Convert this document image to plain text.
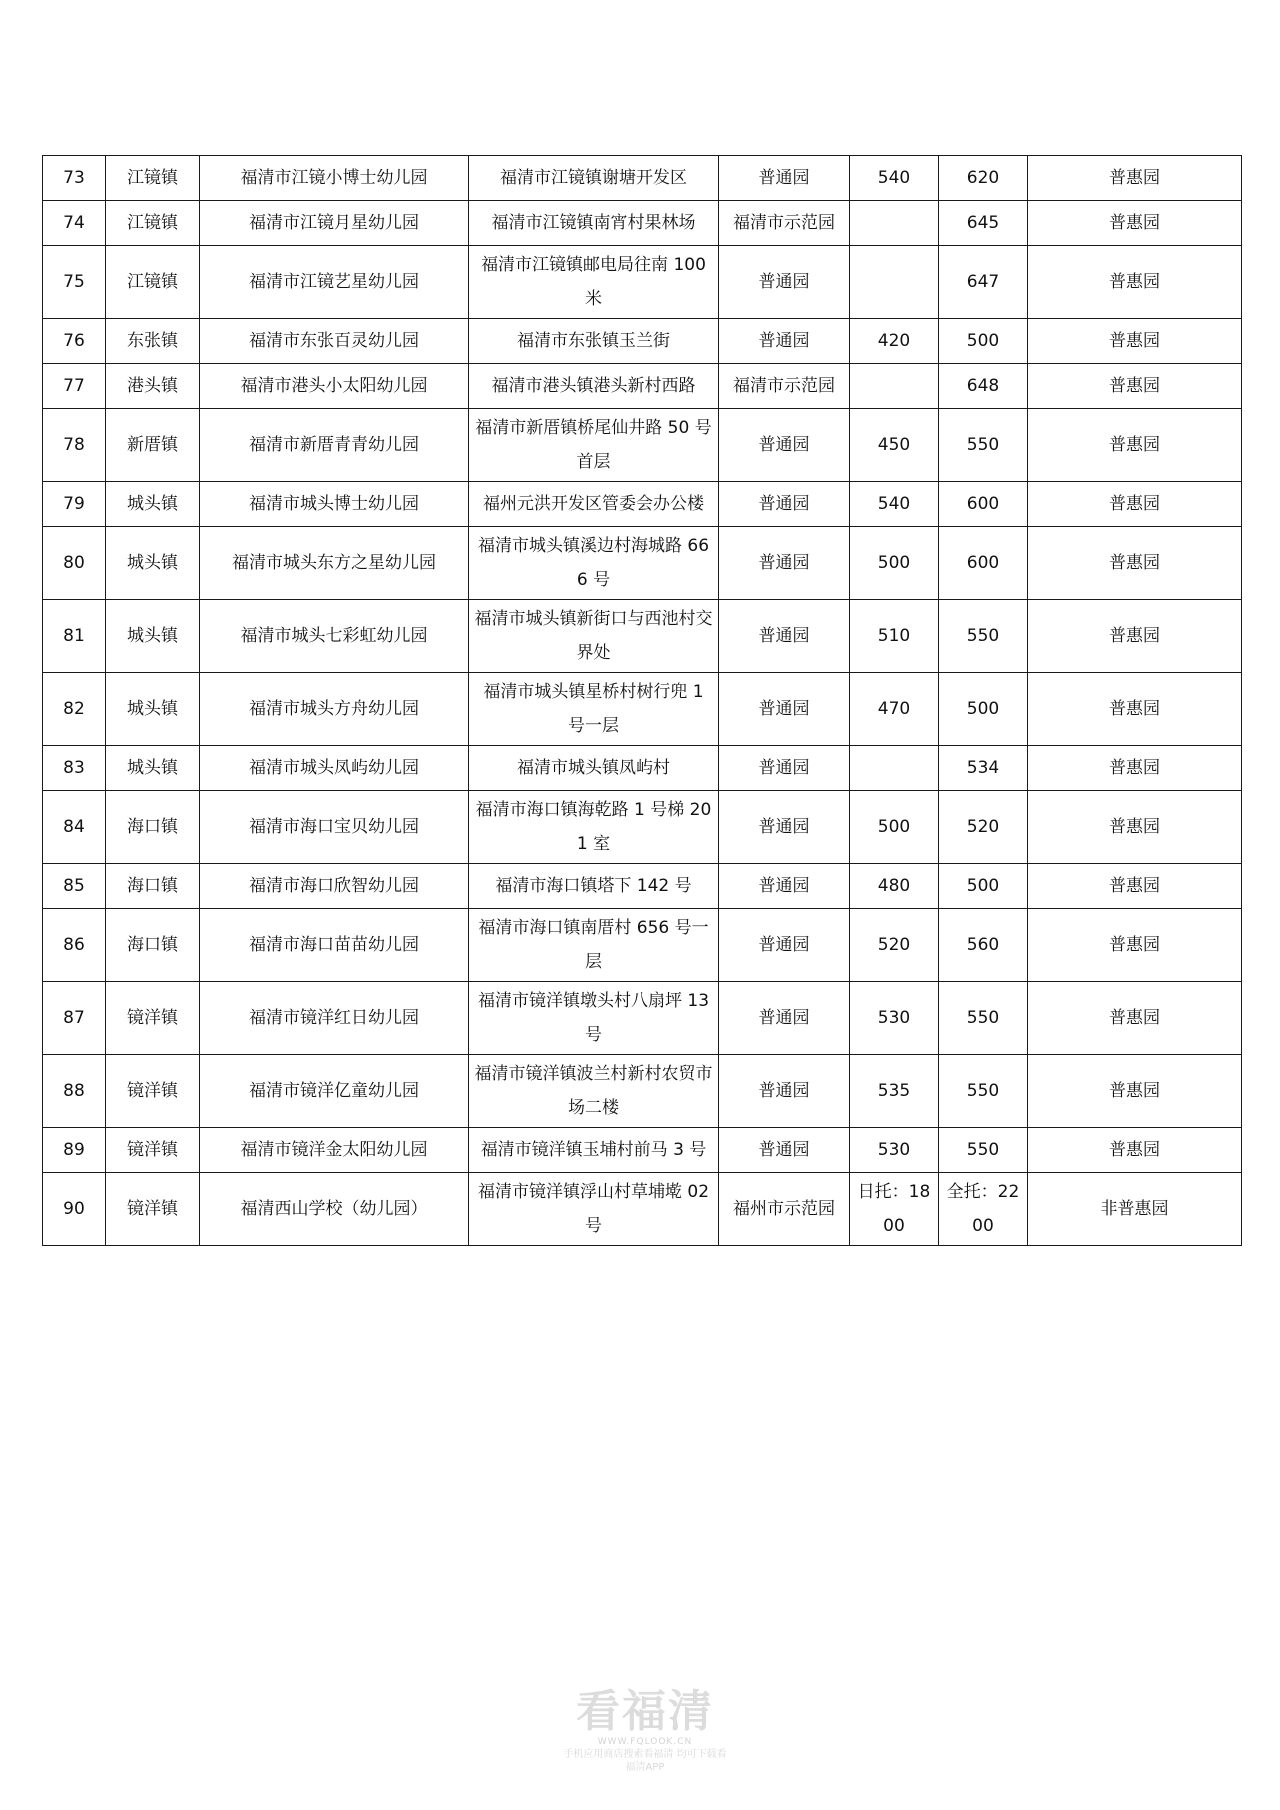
73	江镜镇	福清市江镜小博士幼儿园	福清市江镜镇谢塘开发区	普通园	540	620	普惠园
74	江镜镇	福清市江镜月星幼儿园	福清市江镜镇南宵村果林场	福清市示范园		645	普惠园
75	江镜镇	福清市江镜艺星幼儿园	福清市江镜镇邮电局往南 100 米	普通园		647	普惠园
76	东张镇	福清市东张百灵幼儿园	福清市东张镇玉兰街	普通园	420	500	普惠园
77	港头镇	福清市港头小太阳幼儿园	福清市港头镇港头新村西路	福清市示范园		648	普惠园
78	新厝镇	福清市新厝青青幼儿园	福清市新厝镇桥尾仙井路 50 号首层	普通园	450	550	普惠园
79	城头镇	福清市城头博士幼儿园	福州元洪开发区管委会办公楼	普通园	540	600	普惠园
80	城头镇	福清市城头东方之星幼儿园	福清市城头镇溪边村海城路 666 号	普通园	500	600	普惠园
81	城头镇	福清市城头七彩虹幼儿园	福清市城头镇新街口与西池村交界处	普通园	510	550	普惠园
82	城头镇	福清市城头方舟幼儿园	福清市城头镇星桥村树行兜 1 号一层	普通园	470	500	普惠园
83	城头镇	福清市城头凤屿幼儿园	福清市城头镇凤屿村	普通园		534	普惠园
84	海口镇	福清市海口宝贝幼儿园	福清市海口镇海乾路 1 号梯 201 室	普通园	500	520	普惠园
85	海口镇	福清市海口欣智幼儿园	福清市海口镇塔下 142 号	普通园	480	500	普惠园
86	海口镇	福清市海口苗苗幼儿园	福清市海口镇南厝村 656 号一层	普通园	520	560	普惠园
87	镜洋镇	福清市镜洋红日幼儿园	福清市镜洋镇墩头村八扇坪 13 号	普通园	530	550	普惠园
88	镜洋镇	福清市镜洋亿童幼儿园	福清市镜洋镇波兰村新村农贸市场二楼	普通园	535	550	普惠园
89	镜洋镇	福清市镜洋金太阳幼儿园	福清市镜洋镇玉埔村前马 3 号	普通园	530	550	普惠园
90	镜洋镇	福清西山学校（幼儿园）	福清市镜洋镇浮山村草埔墘 02 号	福州市示范园	日托：1800	全托：2200	非普惠园
看福清
WWW.FQLOOK.CN
手机应用商店搜索看福清 均可下载看福清APP
